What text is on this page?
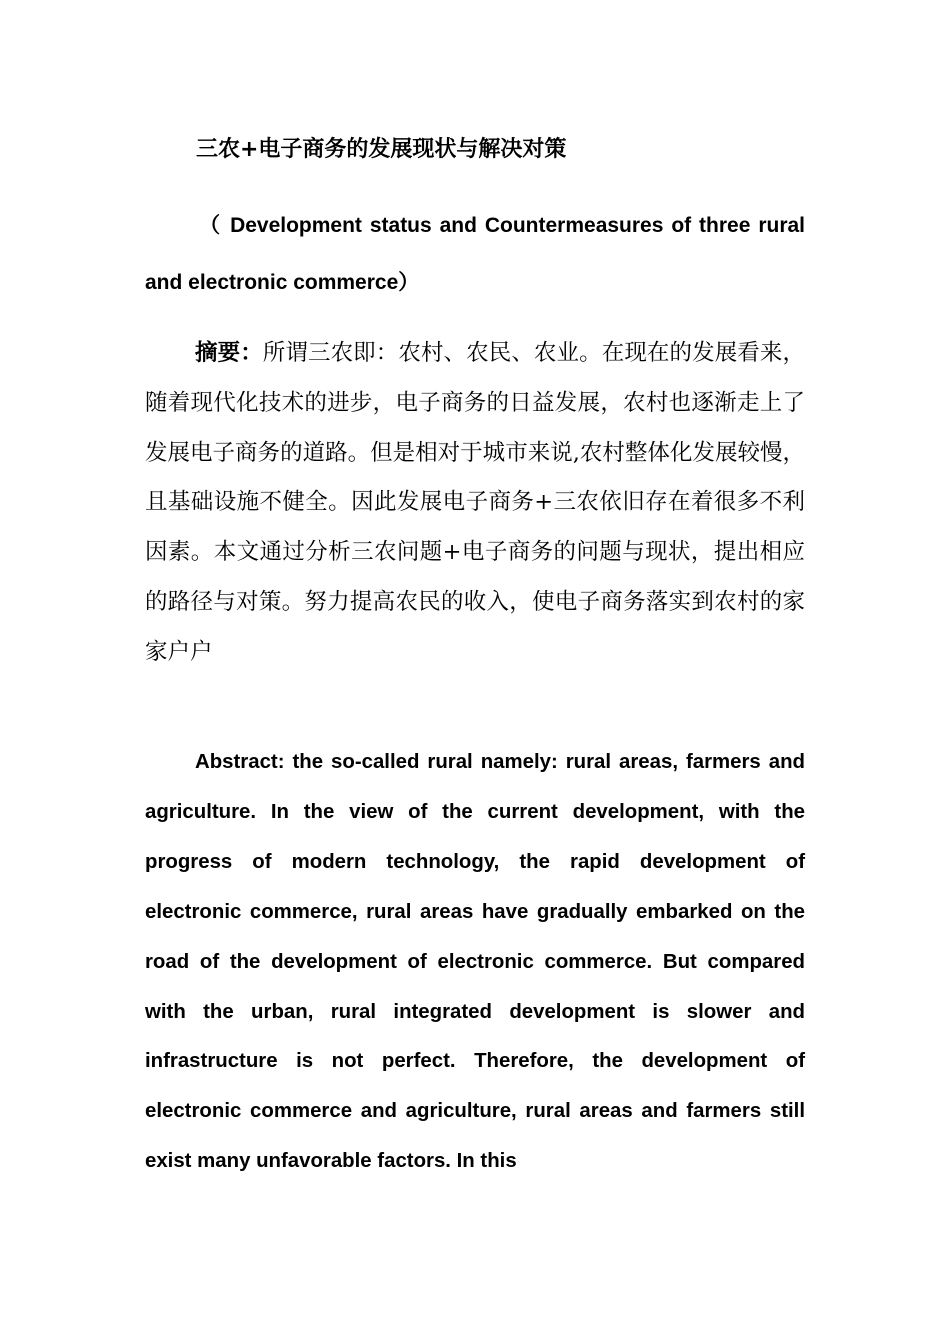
三农+电子商务的发展现状与解决对策
（ Development status and Countermeasures of three rural and electronic commerce）
摘要：所谓三农即：农村、农民、农业。在现在的发展看来，随着现代化技术的进步，电子商务的日益发展，农村也逐渐走上了发展电子商务的道路。但是相对于城市来说,农村整体化发展较慢，且基础设施不健全。因此发展电子商务+三农依旧存在着很多不利因素。本文通过分析三农问题+电子商务的问题与现状，提出相应的路径与对策。努力提高农民的收入，使电子商务落实到农村的家家户户
Abstract: the so-called rural namely: rural areas, farmers and agriculture. In the view of the current development, with the progress of modern technology, the rapid development of electronic commerce, rural areas have gradually embarked on the road of the development of electronic commerce. But compared with the urban, rural integrated development is slower and infrastructure is not perfect. Therefore, the development of electronic commerce and agriculture, rural areas and farmers still exist many unfavorable factors. In this
